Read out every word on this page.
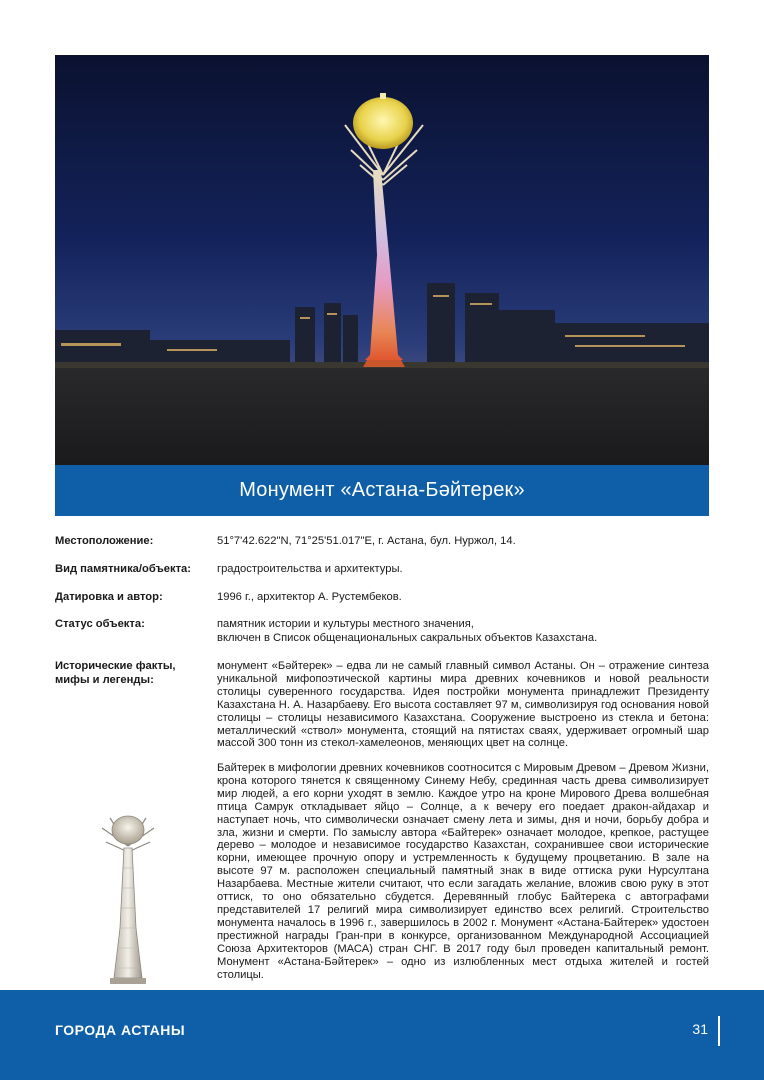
Монумент «Астана-Бәйтерек»
Местоположение:	51°7'42.622"N, 71°25'51.017"E, г. Астана, бул. Нуржол, 14.
Вид памятника/объекта:	градостроительства и архитектуры.
Датировка и автор:	1996 г., архитектор А. Рустембеков.
Статус объекта:	памятник истории и культуры местного значения,
включен в Список общенациональных сакральных объектов Казахстана.
Исторические факты,
мифы и легенды:
монумент «Бәйтерек» – едва ли не самый главный символ Астаны. Он – отражение синтеза уникальной мифопоэтической картины мира древних кочевников и новой реальности столицы суверенного государства. Идея постройки монумента принадлежит Президенту Казахстана Н. А. Назарбаеву. Его высота составляет 97 м, символизируя год основания новой столицы – столицы независимого Казахстана. Сооружение выстроено из стекла и бетона: металлический «ствол» монумента, стоящий на пятистах сваях, удерживает огромный шар массой 300 тонн из стекол-хамелеонов, меняющих цвет на солнце.
Байтерек в мифологии древних кочевников соотносится с Мировым Древом – Древом Жизни, крона которого тянется к священному Синему Небу, срединная часть древа символизирует мир людей, а его корни уходят в землю. Каждое утро на кроне Мирового Древа волшебная птица Самрук откладывает яйцо – Солнце, а к вечеру его поедает дракон-айдахар и наступает ночь, что символически означает смену лета и зимы, дня и ночи, борьбу добра и зла, жизни и смерти. По замыслу автора «Байтерек» означает молодое, крепкое, растущее дерево – молодое и независимое государство Казахстан, сохранившее свои исторические корни, имеющее прочную опору и устремленность к будущему процветанию. В зале на высоте 97 м. расположен специальный памятный знак в виде оттиска руки Нурсултана Назарбаева. Местные жители считают, что если загадать желание, вложив свою руку в этот оттиск, то оно обязательно сбудется. Деревянный глобус Байтерека с автографами представителей 17 религий мира символизирует единство всех религий. Строительство монумента началось в 1996 г., завершилось в 2002 г. Монумент «Астана-Байтерек» удостоен престижной награды Гран-при в конкурсе, организованном Международной Ассоциацией Союза Архитекторов (МАСА) стран СНГ. В 2017 году был проведен капитальный ремонт. Монумент «Астана-Бәйтерек» – одно из излюбленных мест отдыха жителей и гостей столицы.
ГОРОДА АСТАНЫ	31
